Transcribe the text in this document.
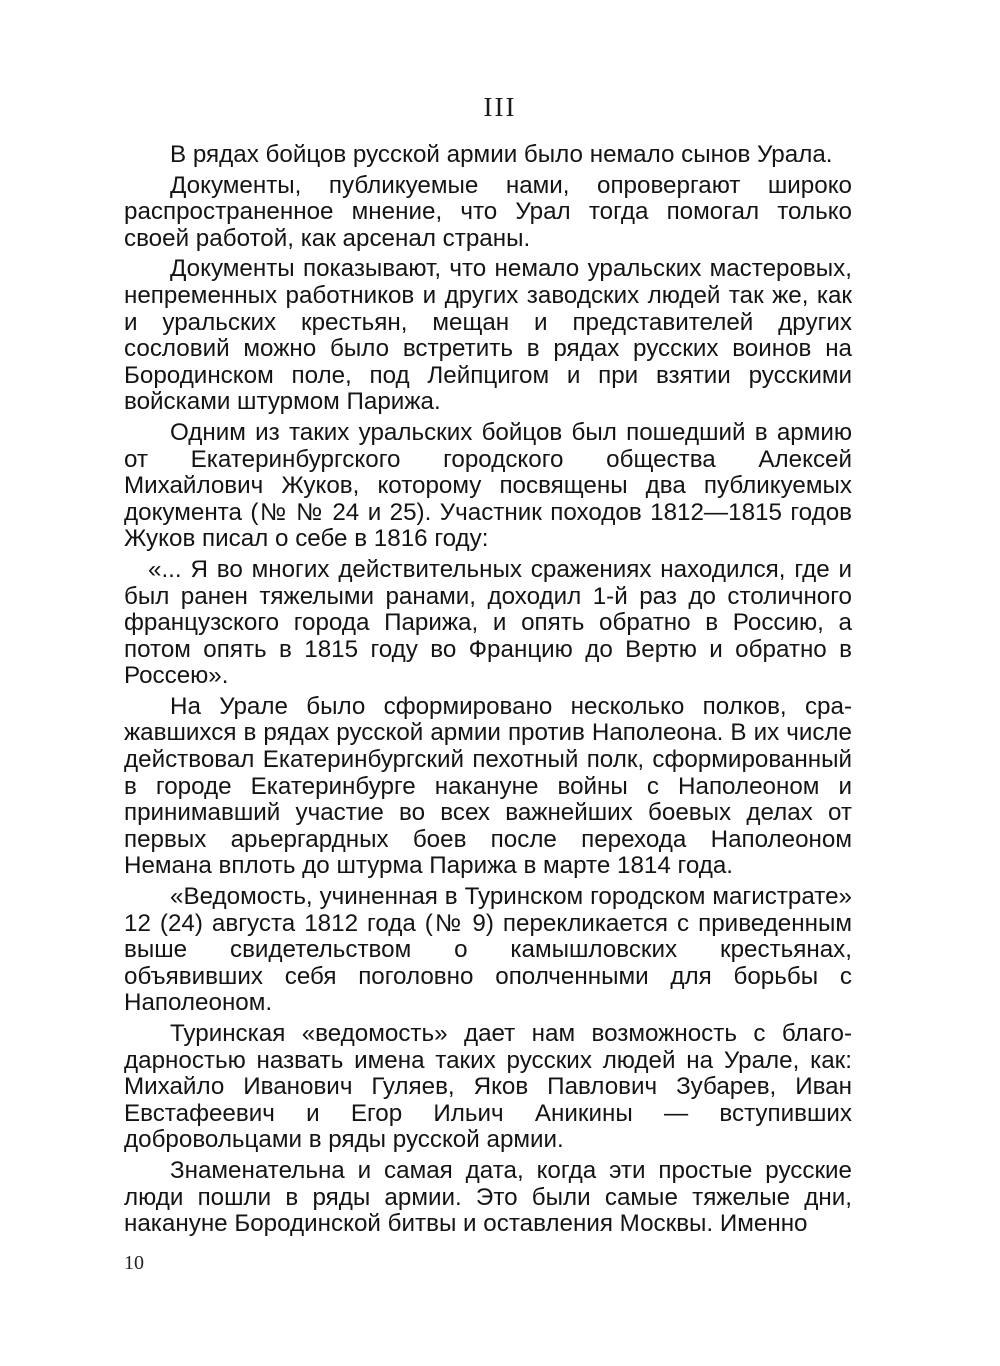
III

В рядах бойцов русской армии было немало сынов Урала.

Документы, публикуемые нами, опровергают широко распространенное мнение, что Урал тогда помогал только своей работой, как арсенал страны.

Документы показывают, что немало уральских мастеровых, непременных работников и других заводских людей так же, как и уральских крестьян, мещан и представителей других сословий можно было встретить в рядах русских воинов на Бородинском поле, под Лейпцигом и при взятии русскими войсками штурмом Парижа.

Одним из таких уральских бойцов был пошедший в армию от Екатеринбургского городского общества Алексей Михайлович Жуков, которому посвящены два публикуемых документа (№ № 24 и 25). Участник походов 1812—1815 годов Жуков писал о себе в 1816 году:

«... Я во многих действительных сражениях находился, где и был ранен тяжелыми ранами, доходил 1-й раз до столичного французского города Парижа, и опять обратно в Россию, а потом опять в 1815 году во Францию до Вертю и обратно в Россею».

На Урале было сформировано несколько полков, сражавшихся в рядах русской армии против Наполеона. В их числе действовал Екатеринбургский пехотный полк, сформированный в городе Екатеринбурге накануне войны с Наполеоном и принимавший участие во всех важнейших боевых делах от первых арьергардных боев после перехода Наполеоном Немана вплоть до штурма Парижа в марте 1814 года.

«Ведомость, учиненная в Туринском городском магистрате» 12 (24) августа 1812 года (№ 9) перекликается с приведенным выше свидетельством о камышловских крестьянах, объявивших себя поголовно ополченными для борьбы с Наполеоном.

Туринская «ведомость» дает нам возможность с благодарностью назвать имена таких русских людей на Урале, как: Михайло Иванович Гуляев, Яков Павлович Зубарев, Иван Евстафеевич и Егор Ильич Аникины — вступивших добровольцами в ряды русской армии.

Знаменательна и самая дата, когда эти простые русские люди пошли в ряды армии. Это были самые тяжелые дни, накануне Бородинской битвы и оставления Москвы. Именно

10
